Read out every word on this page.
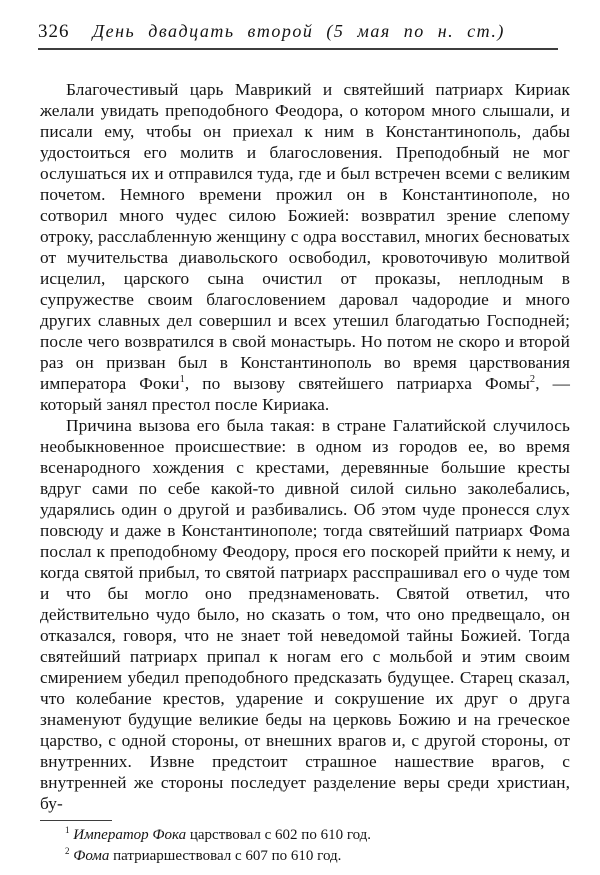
326	День двадцать второй (5 мая по н. ст.)

Благочестивый царь Маврикий и святейший патриарх Кириак желали увидать преподобного Феодора, о котором много слышали, и писали ему, чтобы он приехал к ним в Константинополь, дабы удостоиться его молитв и благословения. Преподобный не мог ослушаться их и отправился туда, где и был встречен всеми с великим почетом. Немного времени прожил он в Константинополе, но сотворил много чудес силою Божией: возвратил зрение слепому отроку, расслабленную женщину с одра восставил, многих бесноватых от мучительства диавольского освободил, кровоточивую молитвой исцелил, царского сына очистил от проказы, неплодным в супружестве своим благословением даровал чадородие и много других славных дел совершил и всех утешил благодатью Господней; после чего возвратился в свой монастырь. Но потом не скоро и второй раз он призван был в Константинополь во время царствования императора Фоки$^1$, по вызову святейшего патриарха Фомы$^2$, — который занял престол после Кириака.

Причина вызова его была такая: в стране Галатийской случилось необыкновенное происшествие: в одном из городов ее, во время всенародного хождения с крестами, деревянные большие кресты вдруг сами по себе какой-то дивной силой сильно заколебались, ударялись один о другой и разбивались. Об этом чуде пронесся слух повсюду и даже в Константинополе; тогда святейший патриарх Фома послал к преподобному Феодору, прося его поскорей прийти к нему, и когда святой прибыл, то святой патриарх расспрашивал его о чуде том и что бы могло оно предзнаменовать. Святой ответил, что действительно чудо было, но сказать о том, что оно предвещало, он отказался, говоря, что не знает той неведомой тайны Божией. Тогда святейший патриарх припал к ногам его с мольбой и этим своим смирением убедил преподобного предсказать будущее. Старец сказал, что колебание крестов, ударение и сокрушение их друг о друга знаменуют будущие великие беды на церковь Божию и на греческое царство, с одной стороны, от внешних врагов и, с другой стороны, от внутренних. Извне предстоит страшное нашествие врагов, с внутренней же стороны последует разделение веры среди христиан, бу-

$^1$ Император Фока царствовал с 602 по 610 год.

$^2$ Фома патриаршествовал с 607 по 610 год.
